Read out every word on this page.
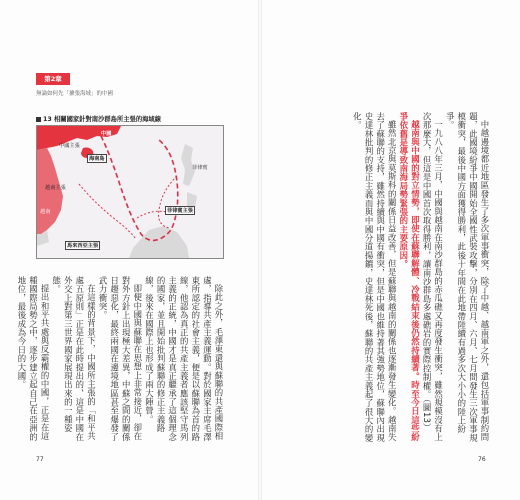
第2章
無論如何先「擴張海域」的中國
13 相關國家針對南沙群島所主張的海域線
中國
中國主張
海南島
越南主張
菲律賓
菲律賓主張
馬來西亞主張
越南

除此之外，毛澤東還與蘇聯的共產國際相處，指導共產主義運動。對於國家主席毛澤東所認定的社會主義，便是以蘇聯為首的路線，他認為真正的共產主義者應該堅守馬列主義的正統，中國才是真正繼承了這個理念的國家，並且開始批判蘇聯的修正主義路線，後來在國際上也形成了兩大陣營。

即便中國與蘇聯在思想上非常接近，卻在對外方針上出現極大差異，中蘇之間的關係日趨惡化，最終兩國在邊境地區甚至爆發了武力衝突。

在這樣的背景下，中國所主張的「和平共處五原則」正是在此時提出的，這是中國在外交上對第三世界國家展現出來的一種姿態。

提出和平共處與反霸權的中國，正是在這種國際局勢之中，逐步建立起自己在亞洲的地位，最後成為今日的大國。

77

中越邊境都近地區發生了多次軍事衝突，除了中越、越南軍之外，還包括軍事制約問題，此國境紛爭中國開始全國性武裝攻擊，分別在四月、六月、七月間發生三次軍事規模衝突，最後中國方面獲得勝利，此後十年間在此地帶陸續有過多次大小小的陸上紛爭。

一九八八年三月，中國與越南在南沙群島的赤瓜礁又再度發生衝突，雖然規模沒有上次那麼大，但這是中國首次取得勝利，讓南沙群島多處礁岩的實際控制權。（圖13）

越南與中國的對立情勢，即使在蘇聯解體、冷戰結束後仍然持續著。時至今日這些紛爭依舊是導致南海局勢緊張的主要原因。

雖然北京與莫斯科的關係日益改善，但是蘇聯與越南的關係也逐漸發生變化。越南失去了蘇聯的支持，雖然持續與中國有衝突，但是中國也維持著其強勢地位，蘇聯內出現史達林批判的修正主義而與中國分道揚鑣，史達林死後，蘇聯的共產主義起了很大的變化。

76
